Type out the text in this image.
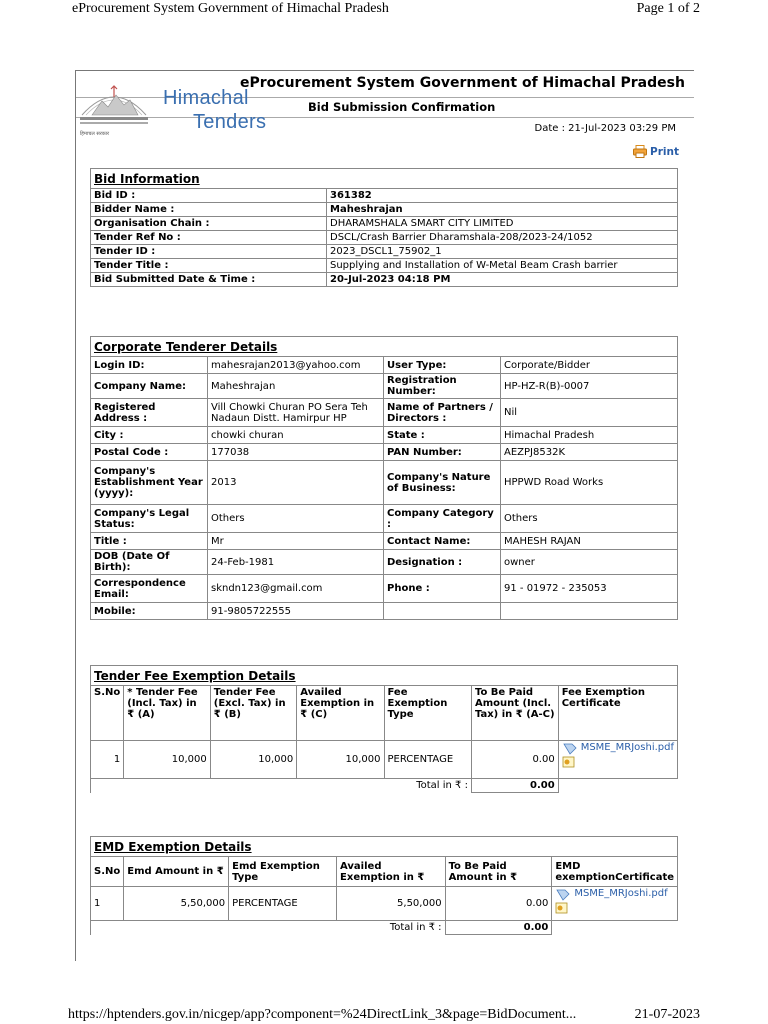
eProcurement System Government of Himachal Pradesh	Page 1 of 2
https://hptenders.gov.in/nicgep/app?component=%24DirectLink_3&page=BidDocument...	21-07-2023
Himachal
Tenders
हिमाचल सरकार
eProcurement System Government of Himachal Pradesh
Bid Submission Confirmation
Date : 21-Jul-2023 03:29 PM
Print
Bid Information	
Bid ID :	361382
Bidder Name :	Maheshrajan
Organisation Chain :	DHARAMSHALA SMART CITY LIMITED
Tender Ref No :	DSCL/Crash Barrier Dharamshala-208/2023-24/1052
Tender ID :	2023_DSCL1_75902_1
Tender Title :	Supplying and Installation of W-Metal Beam Crash barrier
Bid Submitted Date & Time :	20-Jul-2023 04:18 PM
Corporate Tenderer Details			
Login ID:	mahesrajan2013@yahoo.com	User Type:	Corporate/Bidder
Company Name:	Maheshrajan	Registration Number:	HP-HZ-R(B)-0007
Registered Address :	Vill Chowki Churan PO Sera Teh Nadaun Distt. Hamirpur HP	Name of Partners / Directors :	Nil
City :	chowki churan	State :	Himachal Pradesh
Postal Code :	177038	PAN Number:	AEZPJ8532K
Company's Establishment Year (yyyy):	2013	Company's Nature of Business:	HPPWD Road Works
Company's Legal Status:	Others	Company Category :	Others
Title :	Mr	Contact Name:	MAHESH RAJAN
DOB (Date Of Birth):	24-Feb-1981	Designation :	owner
Correspondence Email:	skndn123@gmail.com	Phone :	91 - 01972 - 235053
Mobile:	91-9805722555		
Tender Fee Exemption Details						
S.No	* Tender Fee (Incl. Tax) in ₹ (A)	Tender Fee (Excl. Tax) in ₹ (B)	Availed Exemption in ₹ (C)	Fee Exemption Type	To Be Paid Amount (Incl. Tax) in ₹ (A-C)	Fee Exemption Certificate
1	10,000	10,000	10,000	PERCENTAGE	0.00	MSME_MRJoshi.pdf

Total in ₹ :					0.00	
EMD Exemption Details					
S.No	Emd Amount in ₹	Emd Exemption Type	Availed Exemption in ₹	To Be Paid Amount in ₹	EMD exemptionCertificate
1	5,50,000	PERCENTAGE	5,50,000	0.00	MSME_MRJoshi.pdf

Total in ₹ :				0.00	
